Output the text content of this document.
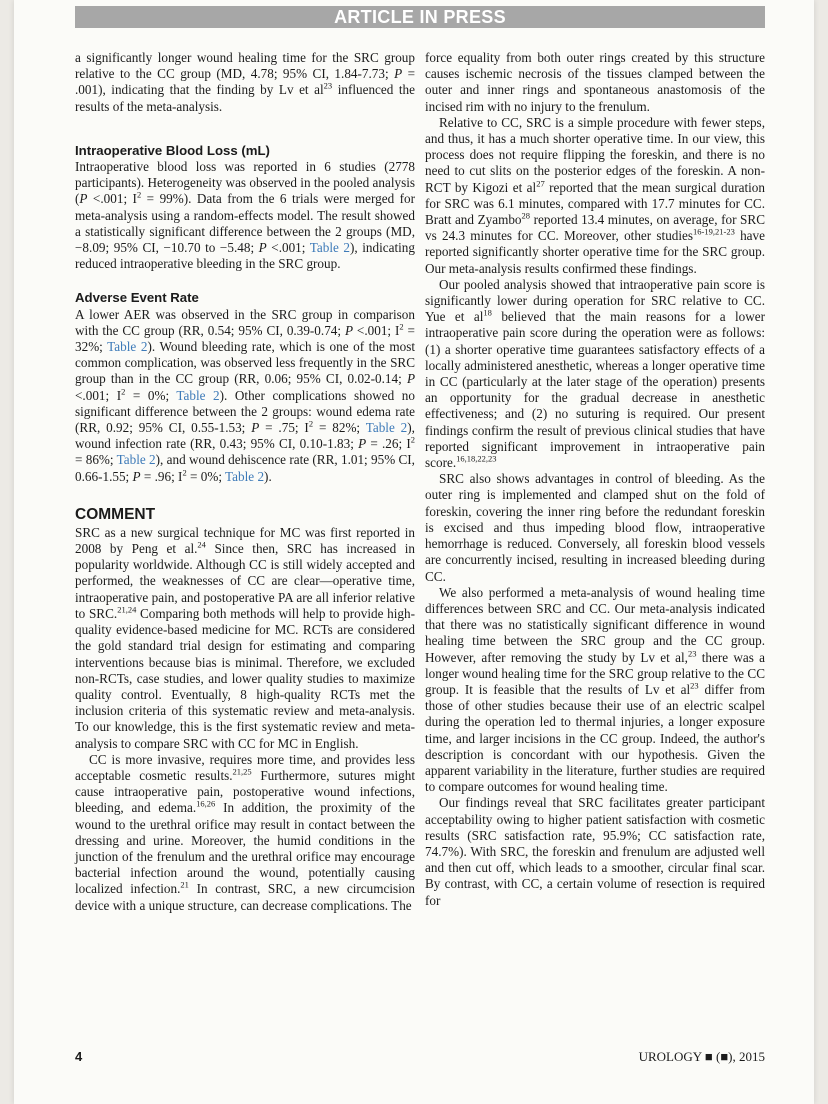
ARTICLE IN PRESS

a significantly longer wound healing time for the SRC group relative to the CC group (MD, 4.78; 95% CI, 1.84-7.73; P = .001), indicating that the finding by Lv et $al^{23}$ influenced the results of the meta-analysis.

Intraoperative Blood Loss (mL)

Intraoperative blood loss was reported in 6 studies (2778 participants). Heterogeneity was observed in the pooled analysis (P <.001; $I^2 = 99\%$). Data from the 6 trials were merged for meta-analysis using a random-effects model. The result showed a statistically significant difference between the 2 groups (MD, −8.09; 95% CI, −10.70 to −5.48; P <.001; Table 2), indicating reduced intraoperative bleeding in the SRC group.

Adverse Event Rate

A lower AER was observed in the SRC group in comparison with the CC group (RR, 0.54; 95% CI, 0.39-0.74; P <.001; $I^2 = 32\%$; Table 2). Wound bleeding rate, which is one of the most common complication, was observed less frequently in the SRC group than in the CC group (RR, 0.06; 95% CI, 0.02-0.14; P <.001; $I^2 = 0\%$; Table 2). Other complications showed no significant difference between the 2 groups: wound edema rate (RR, 0.92; 95% CI, 0.55-1.53; P = .75; $I^2 = 82\%$; Table 2), wound infection rate (RR, 0.43; 95% CI, 0.10-1.83; P = .26; $I^2 = 86\%$; Table 2), and wound dehiscence rate (RR, 1.01; 95% CI, 0.66-1.55; P = .96; $I^2 = 0\%$; Table 2).

COMMENT

SRC as a new surgical technique for MC was first reported in 2008 by Peng et al.$^{24}$ Since then, SRC has increased in popularity worldwide. Although CC is still widely accepted and performed, the weaknesses of CC are clear—operative time, intraoperative pain, and postoperative PA are all inferior relative to SRC.$^{21,24}$ Comparing both methods will help to provide high-quality evidence-based medicine for MC. RCTs are considered the gold standard trial design for estimating and comparing interventions because bias is minimal. Therefore, we excluded non-RCTs, case studies, and lower quality studies to maximize quality control. Eventually, 8 high-quality RCTs met the inclusion criteria of this systematic review and meta-analysis. To our knowledge, this is the first systematic review and meta-analysis to compare SRC with CC for MC in English.

CC is more invasive, requires more time, and provides less acceptable cosmetic results.$^{21,25}$ Furthermore, sutures might cause intraoperative pain, postoperative wound infections, bleeding, and edema.$^{16,26}$ In addition, the proximity of the wound to the urethral orifice may result in contact between the dressing and urine. Moreover, the humid conditions in the junction of the frenulum and the urethral orifice may encourage bacterial infection around the wound, potentially causing localized infection.$^{21}$ In contrast, SRC, a new circumcision device with a unique structure, can decrease complications. The

force equality from both outer rings created by this structure causes ischemic necrosis of the tissues clamped between the outer and inner rings and spontaneous anastomosis of the incised rim with no injury to the frenulum.

Relative to CC, SRC is a simple procedure with fewer steps, and thus, it has a much shorter operative time. In our view, this process does not require flipping the foreskin, and there is no need to cut slits on the posterior edges of the foreskin. A non-RCT by Kigozi et $al^{27}$ reported that the mean surgical duration for SRC was 6.1 minutes, compared with 17.7 minutes for CC. Bratt and Zyambo$^{28}$ reported 13.4 minutes, on average, for SRC vs 24.3 minutes for CC. Moreover, other studies$^{16-19,21-23}$ have reported significantly shorter operative time for the SRC group. Our meta-analysis results confirmed these findings.

Our pooled analysis showed that intraoperative pain score is significantly lower during operation for SRC relative to CC. Yue et $al^{18}$ believed that the main reasons for a lower intraoperative pain score during the operation were as follows: (1) a shorter operative time guarantees satisfactory effects of a locally administered anesthetic, whereas a longer operative time in CC (particularly at the later stage of the operation) presents an opportunity for the gradual decrease in anesthetic effectiveness; and (2) no suturing is required. Our present findings confirm the result of previous clinical studies that have reported significant improvement in intraoperative pain score.$^{16,18,22,23}$

SRC also shows advantages in control of bleeding. As the outer ring is implemented and clamped shut on the fold of foreskin, covering the inner ring before the redundant foreskin is excised and thus impeding blood flow, intraoperative hemorrhage is reduced. Conversely, all foreskin blood vessels are concurrently incised, resulting in increased bleeding during CC.

We also performed a meta-analysis of wound healing time differences between SRC and CC. Our meta-analysis indicated that there was no statistically significant difference in wound healing time between the SRC group and the CC group. However, after removing the study by Lv et al,$^{23}$ there was a longer wound healing time for the SRC group relative to the CC group. It is feasible that the results of Lv et $al^{23}$ differ from those of other studies because their use of an electric scalpel during the operation led to thermal injuries, a longer exposure time, and larger incisions in the CC group. Indeed, the author's description is concordant with our hypothesis. Given the apparent variability in the literature, further studies are required to compare outcomes for wound healing time.

Our findings reveal that SRC facilitates greater participant acceptability owing to higher patient satisfaction with cosmetic results (SRC satisfaction rate, 95.9%; CC satisfaction rate, 74.7%). With SRC, the foreskin and frenulum are adjusted well and then cut off, which leads to a smoother, circular final scar. By contrast, with CC, a certain volume of resection is required for

4	UROLOGY ■ (■), 2015
